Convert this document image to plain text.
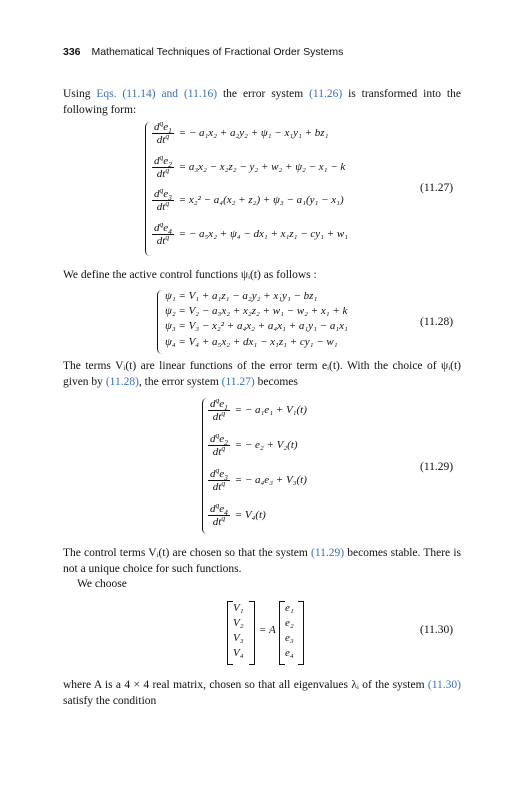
336 Mathematical Techniques of Fractional Order Systems
Using Eqs. (11.14) and (11.16) the error system (11.26) is transformed into the following form:
$\frac{d^qe_1}{dt^q}$ = − a₁x₂ + a₂y₂ + ψ₁ − x₁y₁ + bz₁
$\frac{d^qe_2}{dt^q} = a_3x_2 - x_2z_2 - y_2 + w_2 + \psi_2 - x_1 - k$
$\frac{d^qe_3}{dt^q} = x_2^2 - a_4(x_2 + z_2) + \psi_3 - a_1(y_1 - x_1)$
$\frac{d^qe_4}{dt^q}$ = − a₅x₂ + ψ₄ − dx₁ + x₁z₁ − cy₁ + w₁
(11.27)
We define the active control functions ψᵢ(t) as follows :
ψ₁ = V₁ + a₁z₁ − a₂y₂ + x₁y₁ − bz₁
ψ₂ = V₂ − a₃x₂ + x₂z₂ + w₁ − w₂ + x₁ + k
ψ₃ = V₃ − x₂² + a₄x₂ + a₄x₁ + a₁y₁ − a₁x₁
ψ₄ = V₄ + a₅x₂ + dx₁ − x₁z₁ + cy₁ − w₁
(11.28)
The terms Vᵢ(t) are linear functions of the error term eᵢ(t). With the choice of ψᵢ(t) given by (11.28), the error system (11.27) becomes
$\frac{d^qe_1}{dt^q}$ = − a₁e₁ + V₁(t)
$\frac{d^qe_2}{dt^q}$ = − e₂ + V₂(t)
$\frac{d^qe_3}{dt^q}$ = − a₄e₃ + V₃(t)
$\frac{d^qe_4}{dt^q} = V_4(t)$
(11.29)
The control terms Vᵢ(t) are chosen so that the system (11.29) becomes stable. There is not a unique choice for such functions.
We choose
V₁
V₂
V₃
V₄
= A
e₁
e₂
e₃
e₄
(11.30)
where A is a 4 × 4 real matrix, chosen so that all eigenvalues λᵢ of the system (11.30) satisfy the condition
